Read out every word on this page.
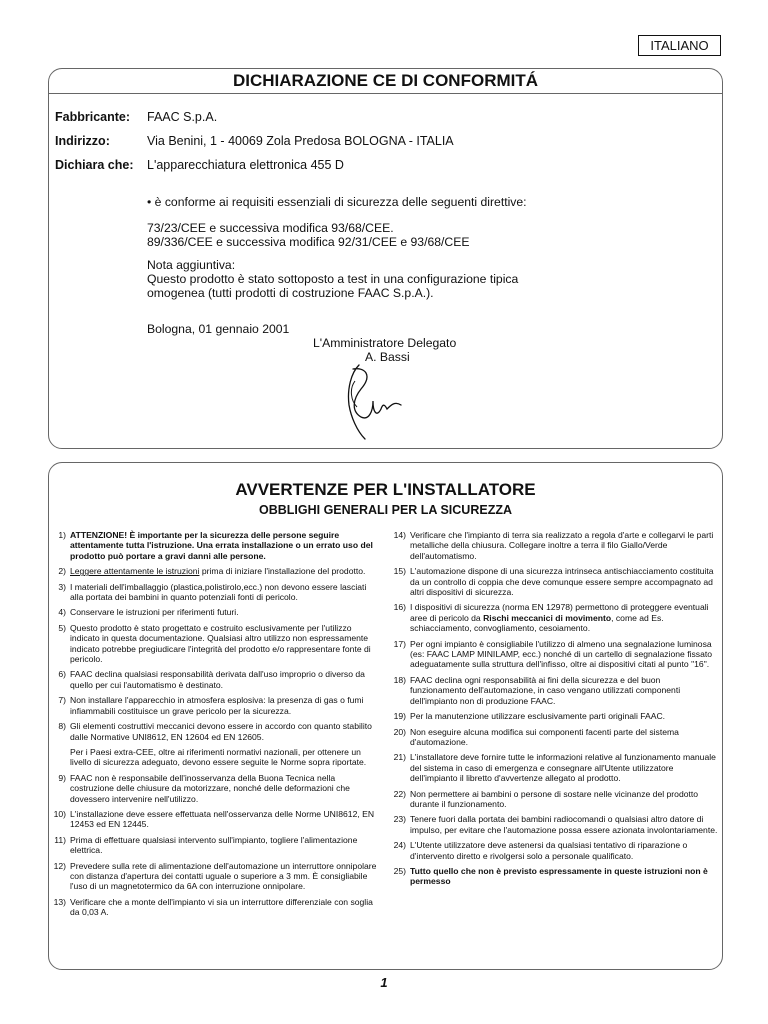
ITALIANO
DICHIARAZIONE CE DI CONFORMITÁ
Fabbricante: FAAC S.p.A.
Indirizzo:	Via Benini, 1 - 40069 Zola Predosa BOLOGNA - ITALIA
Dichiara che: L'apparecchiatura elettronica 455 D

• è conforme ai requisiti essenziali di sicurezza delle seguenti direttive:

73/23/CEE e successiva modifica 93/68/CEE.

89/336/CEE e successiva modifica 92/31/CEE e 93/68/CEE

Nota aggiuntiva:

Questo prodotto è stato sottoposto a test in una configurazione tipica

omogenea (tutti prodotti di costruzione FAAC S.p.A.).

Bologna, 01 gennaio 2001

L'Amministratore Delegato
A. Bassi
AVVERTENZE PER L'INSTALLATORE
OBBLIGHI GENERALI PER LA SICUREZZA
1) ATTENZIONE! È importante per la sicurezza delle persone seguire attentamente tutta l'istruzione. Una errata installazione o un errato uso del prodotto può portare a gravi danni alle persone.

2) Leggere attentamente le istruzioni prima di iniziare l'installazione del prodotto.

3) I materiali dell'imballaggio (plastica,polistirolo,ecc.) non devono essere lasciati alla portata dei bambini in quanto potenziali fonti di pericolo.

4) Conservare le istruzioni per riferimenti futuri.

5) Questo prodotto è stato progettato e costruito esclusivamente per l'utilizzo indicato in questa documentazione. Qualsiasi altro utilizzo non espressamente indicato potrebbe pregiudicare l'integrità del prodotto e/o rappresentare fonte di pericolo.

6) FAAC declina qualsiasi responsabilità derivata dall'uso improprio o diverso da quello per cui l'automatismo è destinato.

7) Non installare l'apparecchio in atmosfera esplosiva: la presenza di gas o fumi infiammabili costituisce un grave pericolo per la sicurezza.

8) Gli elementi costruttivi meccanici devono essere in accordo con quanto stabilito dalle Normative UNI8612, EN 12604 ed EN 12605.

Per i Paesi extra-CEE, oltre ai riferimenti normativi nazionali, per ottenere un livello di sicurezza adeguato, devono essere seguite le Norme sopra riportate.

9) FAAC non è responsabile dell'inosservanza della Buona Tecnica nella costruzione delle chiusure da motorizzare, nonché delle deformazioni che dovessero intervenire nell'utilizzo.

10) L'installazione deve essere effettuata nell'osservanza delle Norme UNI8612, EN 12453 ed EN 12445.

11) Prima di effettuare qualsiasi intervento sull'impianto, togliere l'alimentazione elettrica.

12) Prevedere sulla rete di alimentazione dell'automazione un interruttore onnipolare con distanza d'apertura dei contatti uguale o superiore a 3 mm. È consigliabile l'uso di un magnetotermico da 6A con interruzione onnipolare.

13) Verificare che a monte dell'impianto vi sia un interruttore differenziale con soglia da 0,03 A.

14) Verificare che l'impianto di terra sia realizzato a regola d'arte e collegarvi le parti metalliche della chiusura. Collegare inoltre a terra il filo Giallo/Verde dell'automatismo.

15) L'automazione dispone di una sicurezza intrinseca antischiacciamento costituita da un controllo di coppia che deve comunque essere sempre accompagnato ad altri dispositivi di sicurezza.

16) I dispositivi di sicurezza (norma EN 12978) permettono di proteggere eventuali aree di pericolo da Rischi meccanici di movimento, come ad Es. schiacciamento, convogliamento, cesoiamento.

17) Per ogni impianto è consigliabile l'utilizzo di almeno una segnalazione luminosa (es: FAAC LAMP MINILAMP, ecc.) nonché di un cartello di segnalazione fissato adeguatamente sulla struttura dell'infisso, oltre ai dispositivi citati al punto "16".

18) FAAC declina ogni responsabilità ai fini della sicurezza e del buon funzionamento dell'automazione, in caso vengano utilizzati componenti dell'impianto non di produzione FAAC.

19) Per la manutenzione utilizzare esclusivamente parti originali FAAC.

20) Non eseguire alcuna modifica sui componenti facenti parte del sistema d'automazione.

21) L'installatore deve fornire tutte le informazioni relative al funzionamento manuale del sistema in caso di emergenza e consegnare all'Utente utilizzatore dell'impianto il libretto d'avvertenze allegato al prodotto.

22) Non permettere ai bambini o persone di sostare nelle vicinanze del prodotto durante il funzionamento.

23) Tenere fuori dalla portata dei bambini radiocomandi o qualsiasi altro datore di impulso, per evitare che l'automazione possa essere azionata involontariamente.

24) L'Utente utilizzatore deve astenersi da qualsiasi tentativo di riparazione o d'intervento diretto e rivolgersi solo a personale qualificato.

25) Tutto quello che non è previsto espressamente in queste istruzioni non è permesso

1
